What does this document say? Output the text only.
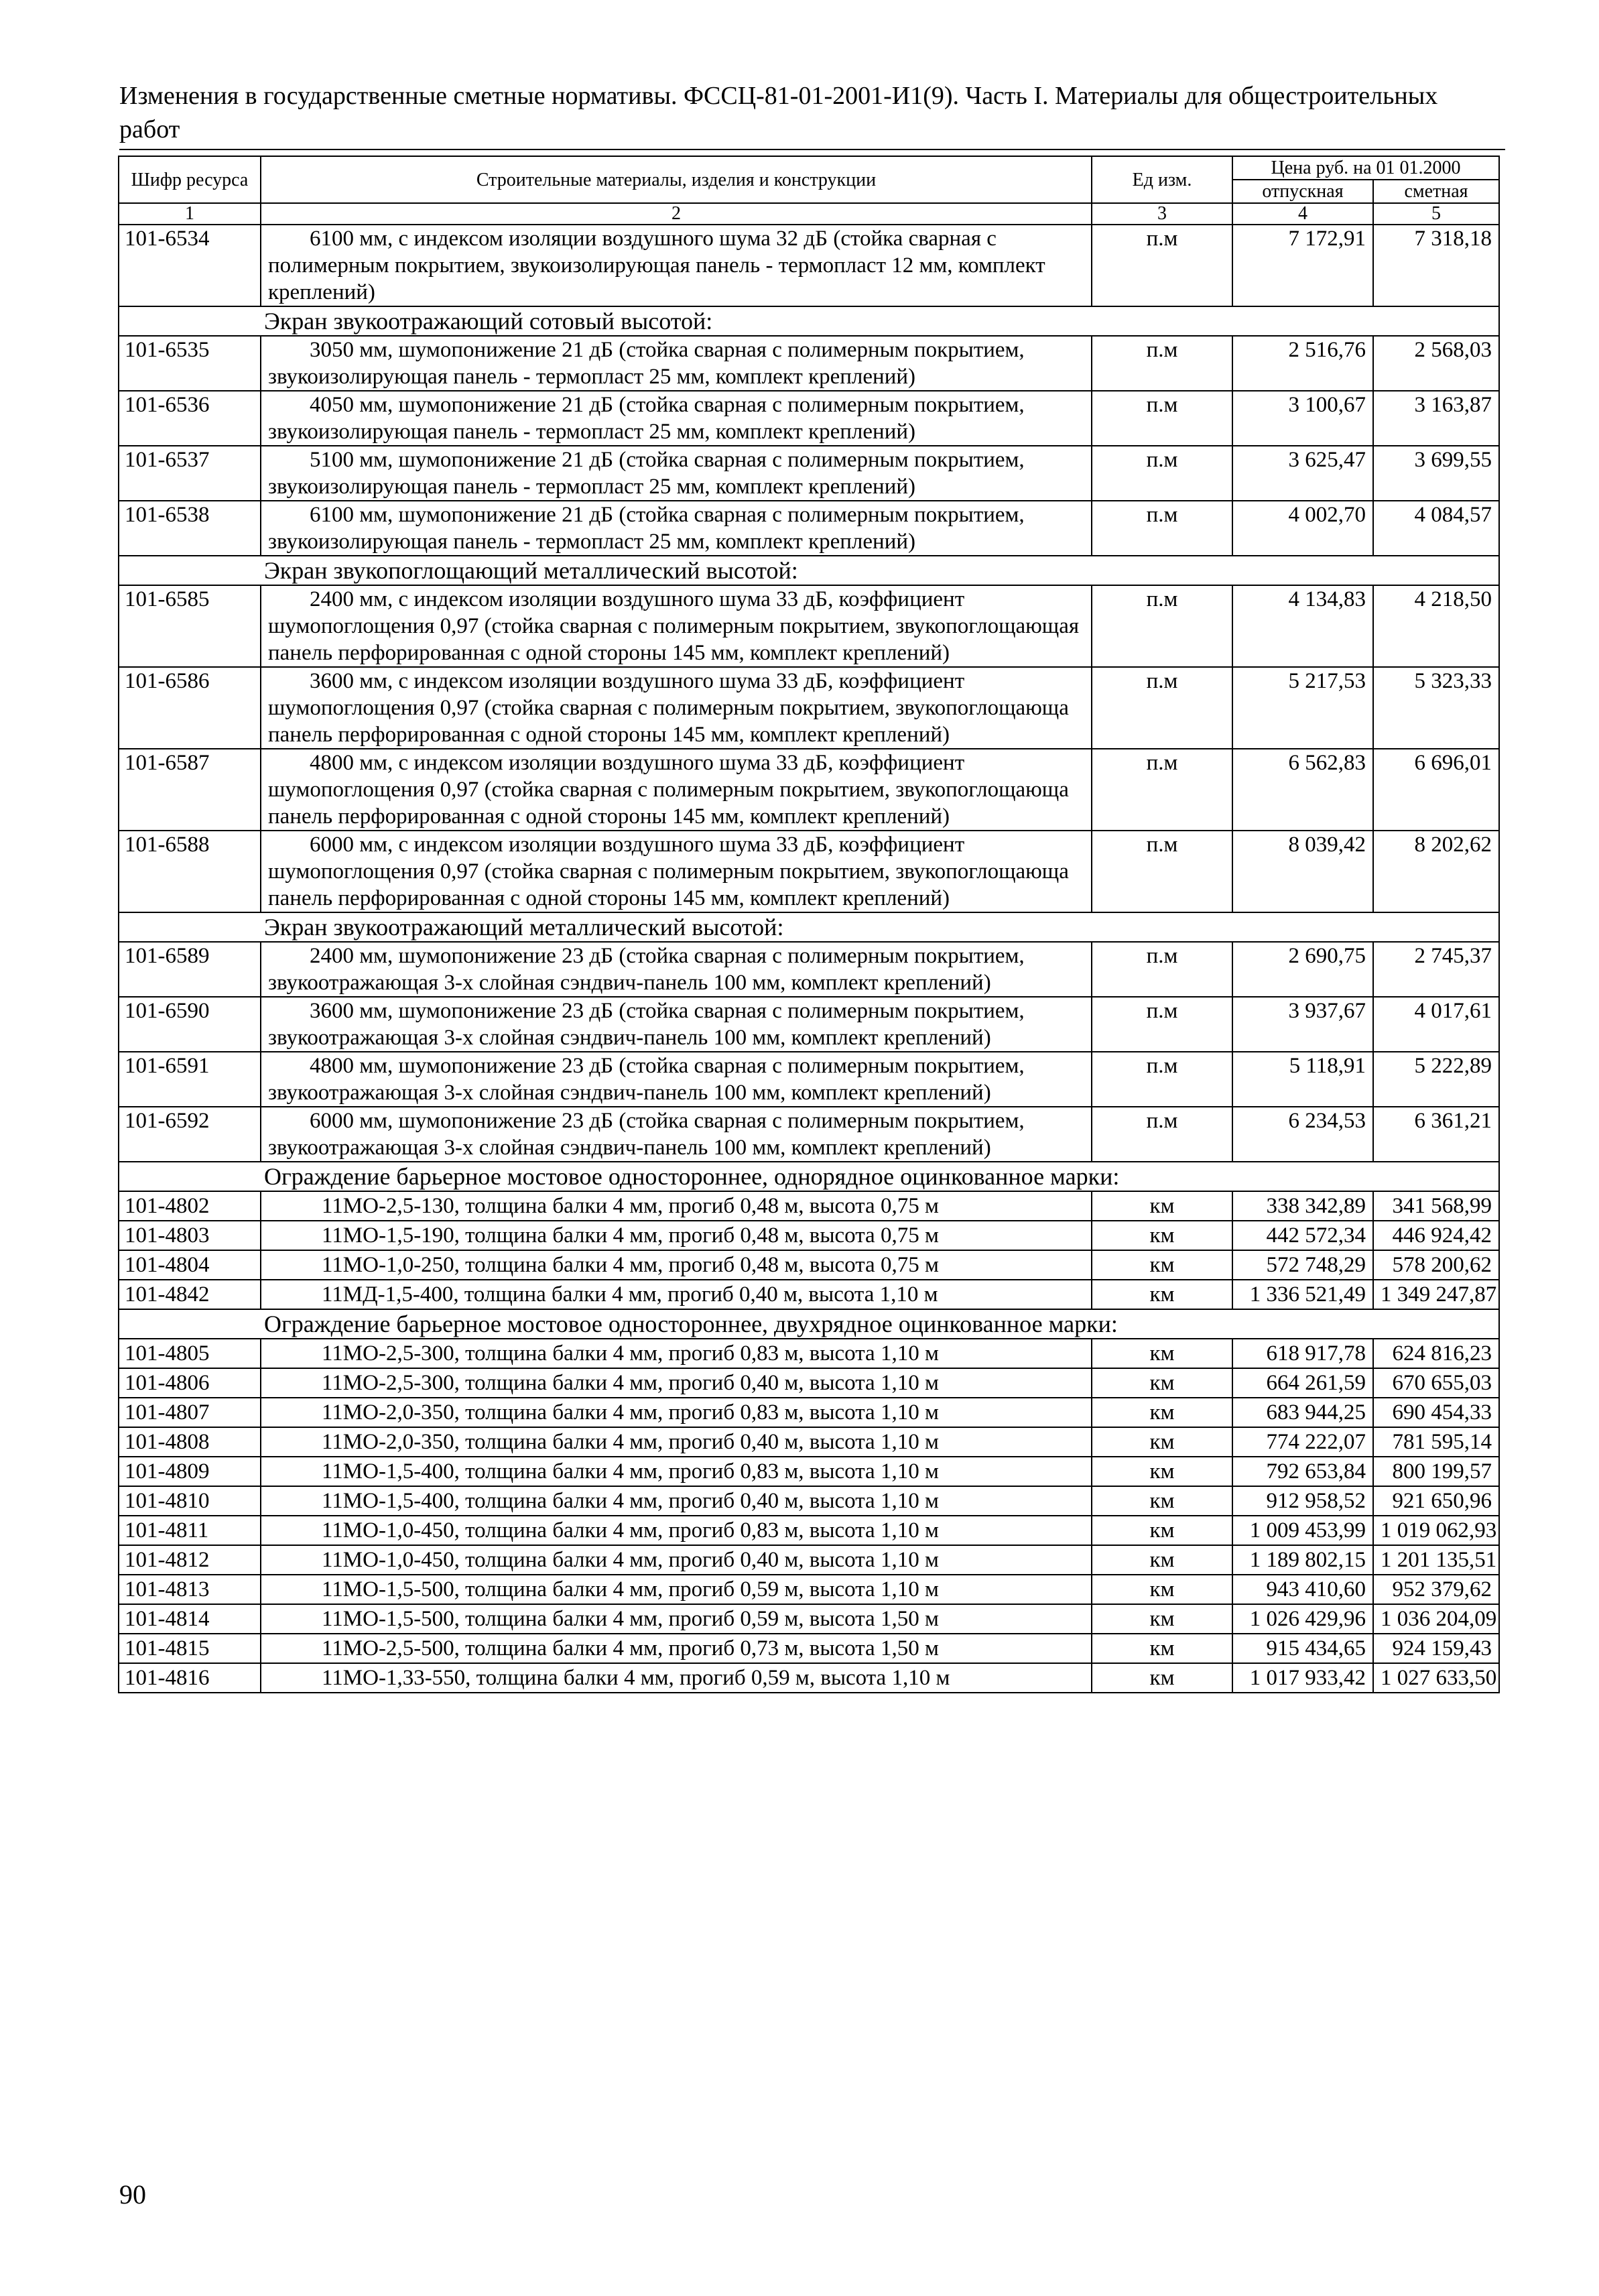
Изменения в государственные сметные нормативы. ФССЦ-81-01-2001-И1(9). Часть I. Материалы для общестроительных работ
Шифр ресурса	Строительные материалы, изделия и конструкции	Ед изм.	Цена руб. на 01 01.2000	
			отпускная	сметная
1	2	3	4	5
101-6534	6100 мм, с индексом изоляции воздушного шума 32 дБ (стойка сварная с полимерным покрытием, звукоизолирующая панель - термопласт 12 мм, комплект креплений)	п.м	7 172,91	7 318,18
Экран звукоотражающий сотовый высотой:				
101-6535	3050 мм, шумопонижение 21 дБ (стойка сварная с полимерным покрытием, звукоизолирующая панель - термопласт 25 мм, комплект креплений)	п.м	2 516,76	2 568,03
101-6536	4050 мм, шумопонижение 21 дБ (стойка сварная с полимерным покрытием, звукоизолирующая панель - термопласт 25 мм, комплект креплений)	п.м	3 100,67	3 163,87
101-6537	5100 мм, шумопонижение 21 дБ (стойка сварная с полимерным покрытием, звукоизолирующая панель - термопласт 25 мм, комплект креплений)	п.м	3 625,47	3 699,55
101-6538	6100 мм, шумопонижение 21 дБ (стойка сварная с полимерным покрытием, звукоизолирующая панель - термопласт 25 мм, комплект креплений)	п.м	4 002,70	4 084,57
Экран звукопоглощающий металлический высотой:				
101-6585	2400 мм, с индексом изоляции воздушного шума 33 дБ, коэффициент шумопоглощения 0,97 (стойка сварная с полимерным покрытием, звукопоглощающая панель перфорированная с одной стороны 145 мм, комплект креплений)	п.м	4 134,83	4 218,50
101-6586	3600 мм, с индексом изоляции воздушного шума 33 дБ, коэффициент шумопоглощения 0,97 (стойка сварная с полимерным покрытием, звукопоглощающа панель перфорированная с одной стороны 145 мм, комплект креплений)	п.м	5 217,53	5 323,33
101-6587	4800 мм, с индексом изоляции воздушного шума 33 дБ, коэффициент шумопоглощения 0,97 (стойка сварная с полимерным покрытием, звукопоглощающа панель перфорированная с одной стороны 145 мм, комплект креплений)	п.м	6 562,83	6 696,01
101-6588	6000 мм, с индексом изоляции воздушного шума 33 дБ, коэффициент шумопоглощения 0,97 (стойка сварная с полимерным покрытием, звукопоглощающа панель перфорированная с одной стороны 145 мм, комплект креплений)	п.м	8 039,42	8 202,62
Экран звукоотражающий металлический высотой:				
101-6589	2400 мм, шумопонижение 23 дБ (стойка сварная с полимерным покрытием, звукоотражающая 3-х слойная сэндвич-панель 100 мм, комплект креплений)	п.м	2 690,75	2 745,37
101-6590	3600 мм, шумопонижение 23 дБ (стойка сварная с полимерным покрытием, звукоотражающая 3-х слойная сэндвич-панель 100 мм, комплект креплений)	п.м	3 937,67	4 017,61
101-6591	4800 мм, шумопонижение 23 дБ (стойка сварная с полимерным покрытием, звукоотражающая 3-х слойная сэндвич-панель 100 мм, комплект креплений)	п.м	5 118,91	5 222,89
101-6592	6000 мм, шумопонижение 23 дБ (стойка сварная с полимерным покрытием, звукоотражающая 3-х слойная сэндвич-панель 100 мм, комплект креплений)	п.м	6 234,53	6 361,21
Ограждение барьерное мостовое одностороннее, однорядное оцинкованное марки:				
101-4802	11МО-2,5-130, толщина балки 4 мм, прогиб 0,48 м, высота 0,75 м	км	338 342,89	341 568,99
101-4803	11МО-1,5-190, толщина балки 4 мм, прогиб 0,48 м, высота 0,75 м	км	442 572,34	446 924,42
101-4804	11МО-1,0-250, толщина балки 4 мм, прогиб 0,48 м, высота 0,75 м	км	572 748,29	578 200,62
101-4842	11МД-1,5-400, толщина балки 4 мм, прогиб 0,40 м, высота 1,10 м	км	1 336 521,49	1 349 247,87
Ограждение барьерное мостовое одностороннее, двухрядное оцинкованное марки:				
101-4805	11МО-2,5-300, толщина балки 4 мм, прогиб 0,83 м, высота 1,10 м	км	618 917,78	624 816,23
101-4806	11МО-2,5-300, толщина балки 4 мм, прогиб 0,40 м, высота 1,10 м	км	664 261,59	670 655,03
101-4807	11МО-2,0-350, толщина балки 4 мм, прогиб 0,83 м, высота 1,10 м	км	683 944,25	690 454,33
101-4808	11МО-2,0-350, толщина балки 4 мм, прогиб 0,40 м, высота 1,10 м	км	774 222,07	781 595,14
101-4809	11МО-1,5-400, толщина балки 4 мм, прогиб 0,83 м, высота 1,10 м	км	792 653,84	800 199,57
101-4810	11МО-1,5-400, толщина балки 4 мм, прогиб 0,40 м, высота 1,10 м	км	912 958,52	921 650,96
101-4811	11МО-1,0-450, толщина балки 4 мм, прогиб 0,83 м, высота 1,10 м	км	1 009 453,99	1 019 062,93
101-4812	11МО-1,0-450, толщина балки 4 мм, прогиб 0,40 м, высота 1,10 м	км	1 189 802,15	1 201 135,51
101-4813	11МО-1,5-500, толщина балки 4 мм, прогиб 0,59 м, высота 1,10 м	км	943 410,60	952 379,62
101-4814	11МО-1,5-500, толщина балки 4 мм, прогиб 0,59 м, высота 1,50 м	км	1 026 429,96	1 036 204,09
101-4815	11МО-2,5-500, толщина балки 4 мм, прогиб 0,73 м, высота 1,50 м	км	915 434,65	924 159,43
101-4816	11МО-1,33-550, толщина балки 4 мм, прогиб 0,59 м, высота 1,10 м	км	1 017 933,42	1 027 633,50
90
